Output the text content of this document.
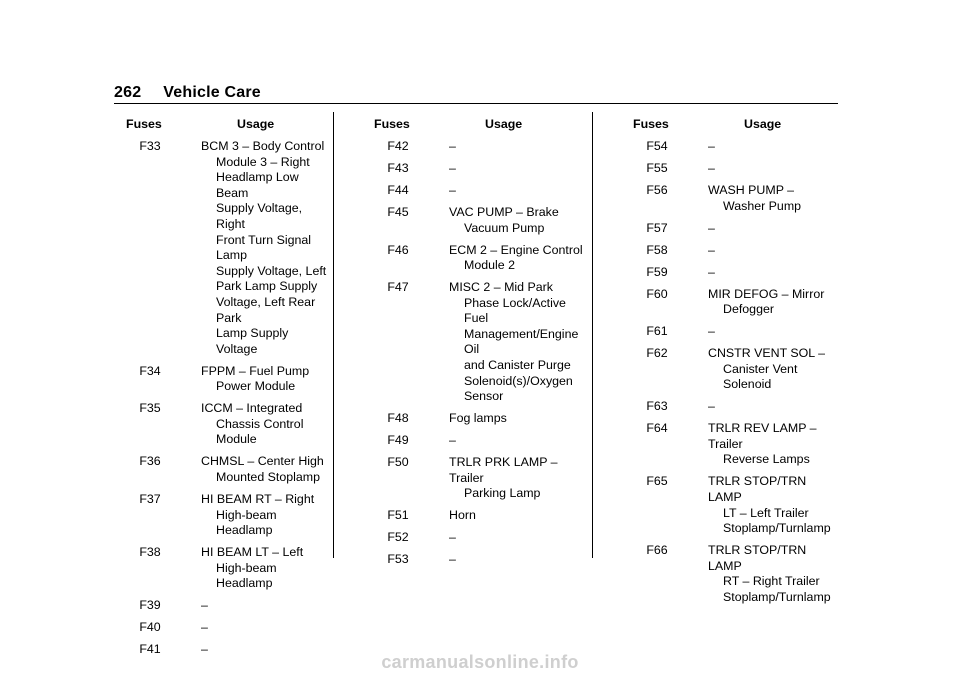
262 Vehicle Care
Fuses	Usage
F33	BCM 3 – Body Control
Module 3 – Right
Headlamp Low Beam
Supply Voltage, Right
Front Turn Signal Lamp
Supply Voltage, Left
Park Lamp Supply
Voltage, Left Rear Park
Lamp Supply Voltage
F34	FPPM – Fuel Pump
Power Module
F35	ICCM – Integrated
Chassis Control Module
F36	CHMSL – Center High
Mounted Stoplamp
F37	HI BEAM RT – Right
High-beam Headlamp
F38	HI BEAM LT – Left
High-beam Headlamp
F39	–
F40	–
F41	–
Fuses	Usage
F42	–
F43	–
F44	–
F45	VAC PUMP – Brake
Vacuum Pump
F46	ECM 2 – Engine Control
Module 2
F47	MISC 2 – Mid Park
Phase Lock/Active Fuel
Management/Engine Oil
and Canister Purge
Solenoid(s)/Oxygen
Sensor
F48	Fog lamps
F49	–
F50	TRLR PRK LAMP – Trailer
Parking Lamp
F51	Horn
F52	–
F53	–
Fuses	Usage
F54	–
F55	–
F56	WASH PUMP –
Washer Pump
F57	–
F58	–
F59	–
F60	MIR DEFOG – Mirror
Defogger
F61	–
F62	CNSTR VENT SOL –
Canister Vent Solenoid
F63	–
F64	TRLR REV LAMP – Trailer
Reverse Lamps
F65	TRLR STOP/TRN LAMP
LT – Left Trailer
Stoplamp/Turnlamp
F66	TRLR STOP/TRN LAMP
RT – Right Trailer
Stoplamp/Turnlamp
carmanualsonline.info
